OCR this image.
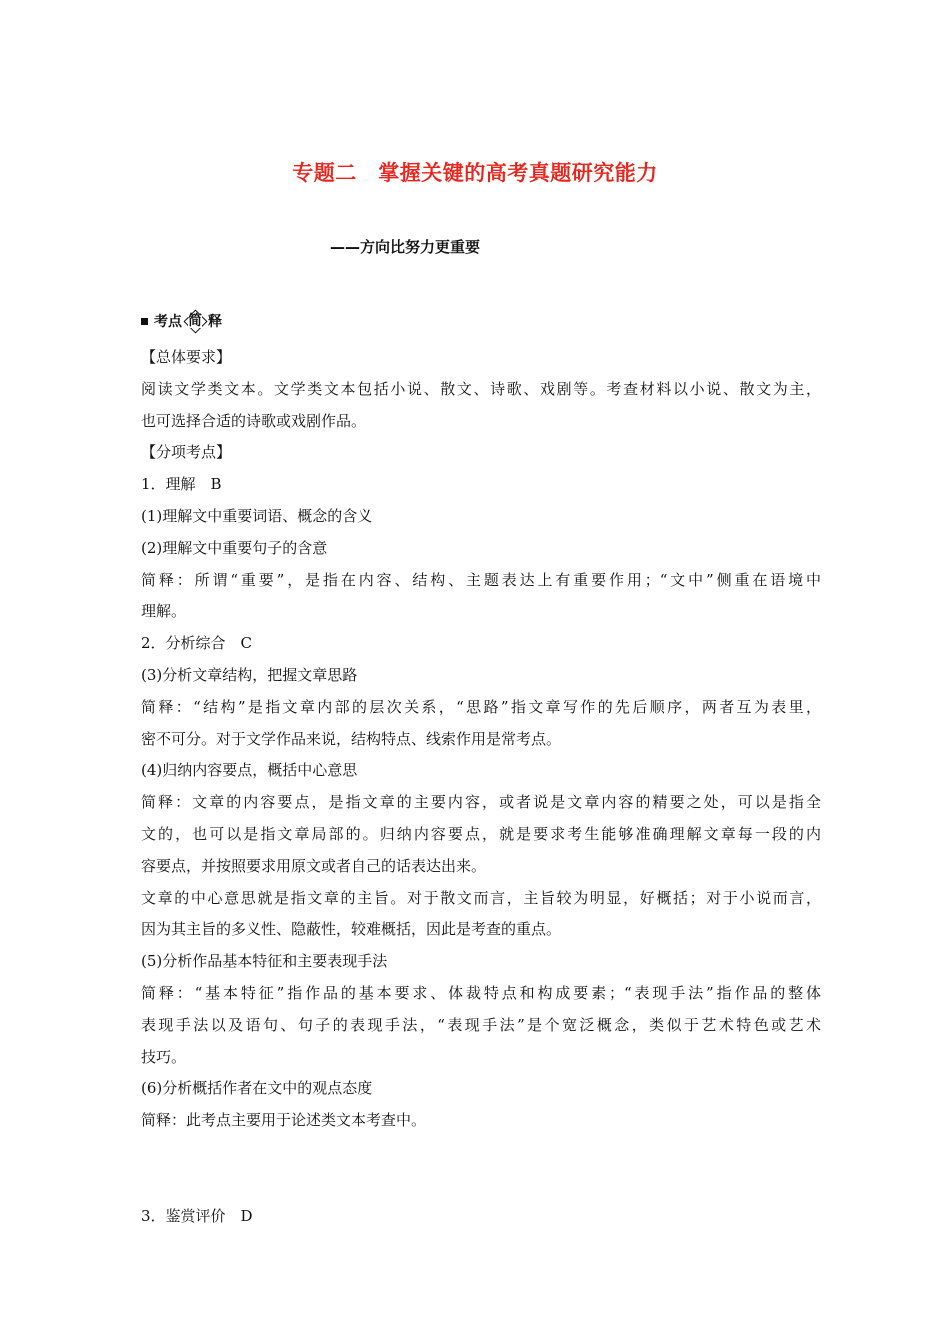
专题二　掌握关键的高考真题研究能力
——方向比努力更重要
考点 简 释
【总体要求】
阅读文学类文本。文学类文本包括小说、散文、诗歌、戏剧等。考查材料以小说、散文为主，
也可选择合适的诗歌或戏剧作品。
【分项考点】
1．理解　B
(1)理解文中重要词语、概念的含义
(2)理解文中重要句子的含意
简释：所谓“重要”，是指在内容、结构、主题表达上有重要作用；“文中”侧重在语境中
理解。
2．分析综合　C
(3)分析文章结构，把握文章思路
简释：“结构”是指文章内部的层次关系，“思路”指文章写作的先后顺序，两者互为表里，
密不可分。对于文学作品来说，结构特点、线索作用是常考点。
(4)归纳内容要点，概括中心意思
简释：文章的内容要点，是指文章的主要内容，或者说是文章内容的精要之处，可以是指全
文的，也可以是指文章局部的。归纳内容要点，就是要求考生能够准确理解文章每一段的内
容要点，并按照要求用原文或者自己的话表达出来。
文章的中心意思就是指文章的主旨。对于散文而言，主旨较为明显，好概括；对于小说而言，
因为其主旨的多义性、隐蔽性，较难概括，因此是考查的重点。
(5)分析作品基本特征和主要表现手法
简释：“基本特征”指作品的基本要求、体裁特点和构成要素；“表现手法”指作品的整体
表现手法以及语句、句子的表现手法，“表现手法”是个宽泛概念，类似于艺术特色或艺术
技巧。
(6)分析概括作者在文中的观点态度
简释：此考点主要用于论述类文本考查中。
3．鉴赏评价　D
